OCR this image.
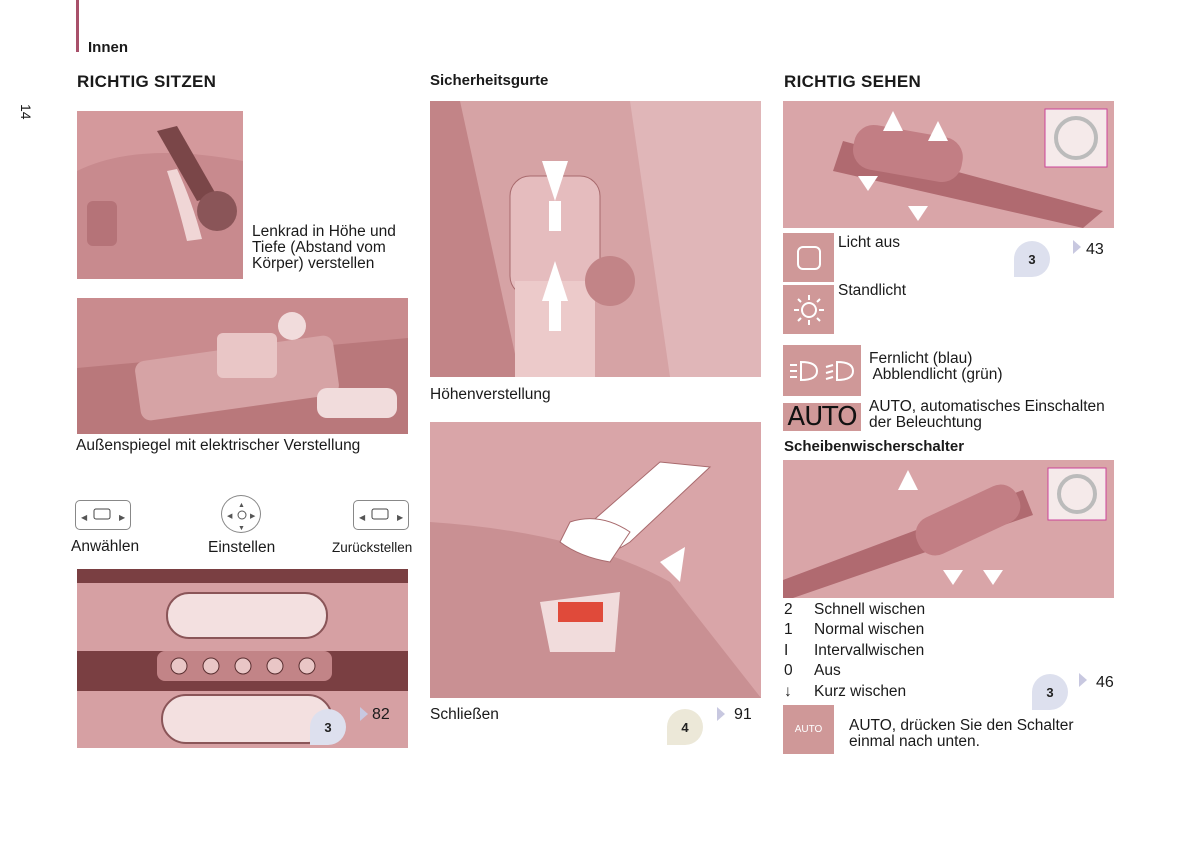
Innen
14
RICHTIG SITZEN
Lenkrad in Höhe und Tiefe (Abstand vom Körper) verstellen
Außenspiegel mit elektrischer Verstellung
◀	▶
▲
▼
◀	▶	◀	▶
Anwählen	Einstellen	Zurückstellen
3
82
Sicherheitsgurte
Höhenverstellung
Schließen
4
91
RICHTIG SEHEN
Licht aus
3
43
Standlicht
Fernlicht (blau)
Abblendlicht (grün)
AUTO AUTO, automatisches Einschalten der Beleuchtung
Scheibenwischerschalter
2	Schnell wischen
1	Normal wischen
I	Intervallwischen
0	Aus
↓	Kurz wischen	3
46
AUTO AUTO, drücken Sie den Schalter einmal nach unten.
